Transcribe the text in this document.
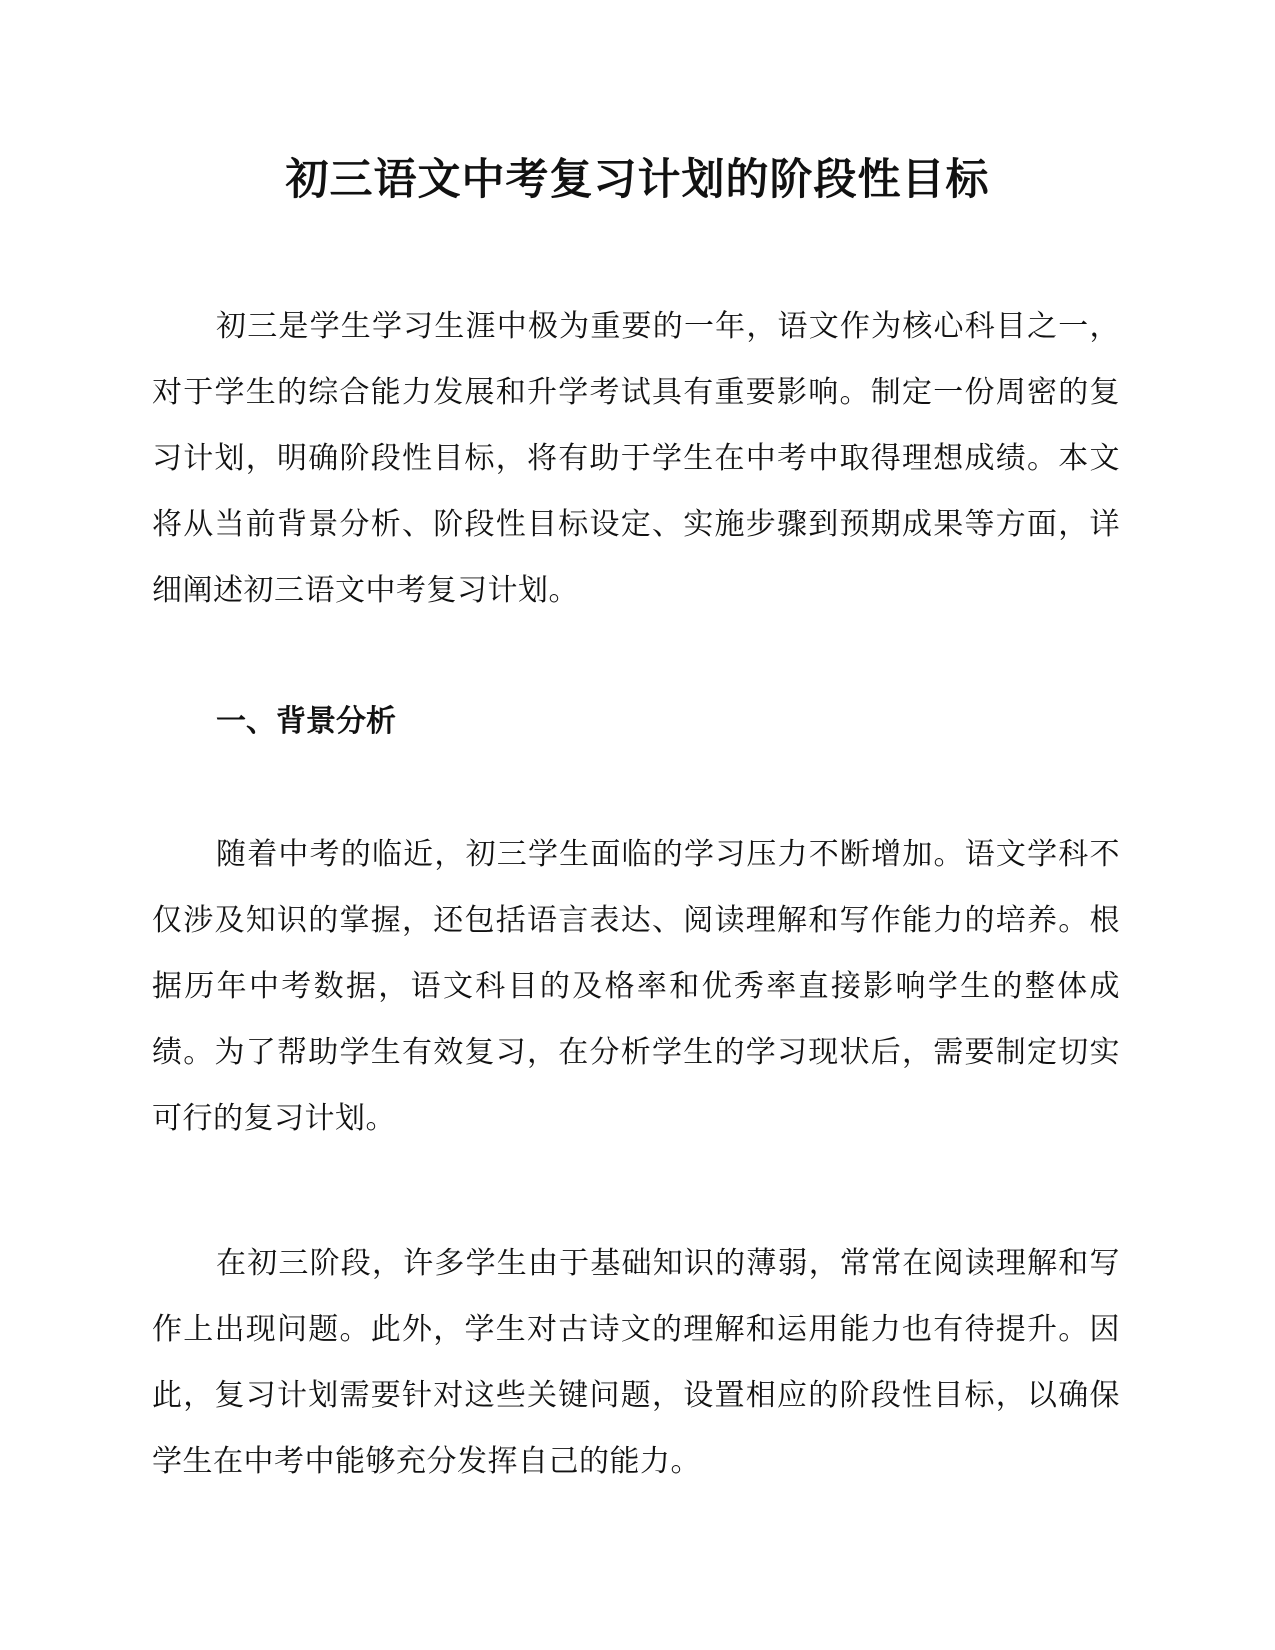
初三语文中考复习计划的阶段性目标

初三是学生学习生涯中极为重要的一年，语文作为核心科目之一，对于学生的综合能力发展和升学考试具有重要影响。制定一份周密的复习计划，明确阶段性目标，将有助于学生在中考中取得理想成绩。本文将从当前背景分析、阶段性目标设定、实施步骤到预期成果等方面，详细阐述初三语文中考复习计划。

一、背景分析

随着中考的临近，初三学生面临的学习压力不断增加。语文学科不仅涉及知识的掌握，还包括语言表达、阅读理解和写作能力的培养。根据历年中考数据，语文科目的及格率和优秀率直接影响学生的整体成绩。为了帮助学生有效复习，在分析学生的学习现状后，需要制定切实可行的复习计划。

在初三阶段，许多学生由于基础知识的薄弱，常常在阅读理解和写作上出现问题。此外，学生对古诗文的理解和运用能力也有待提升。因此，复习计划需要针对这些关键问题，设置相应的阶段性目标，以确保学生在中考中能够充分发挥自己的能力。
